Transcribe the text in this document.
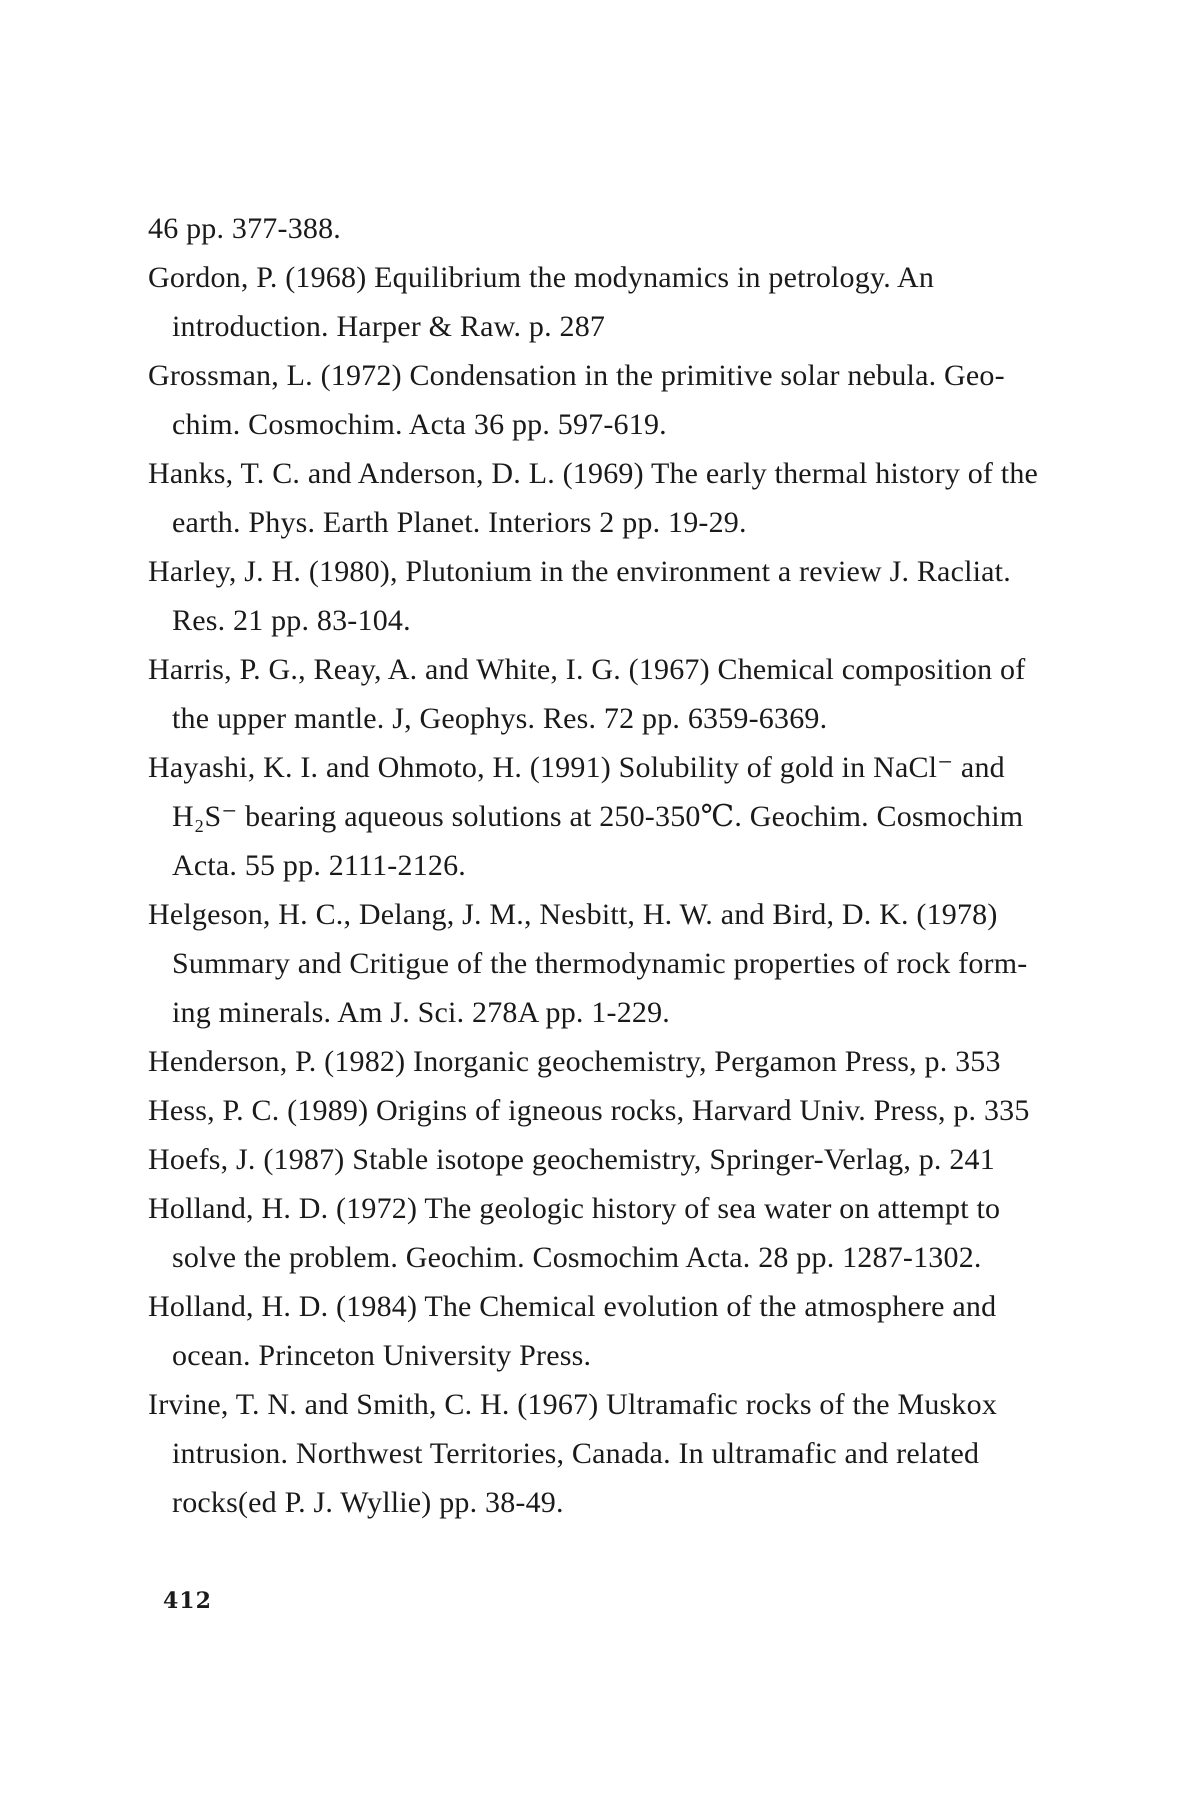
46 pp. 377-388.
Gordon, P. (1968) Equilibrium the modynamics in petrology. An
introduction. Harper & Raw. p. 287
Grossman, L. (1972) Condensation in the primitive solar nebula. Geo-
chim. Cosmochim. Acta 36 pp. 597-619.
Hanks, T. C. and Anderson, D. L. (1969) The early thermal history of the
earth. Phys. Earth Planet. Interiors 2 pp. 19-29.
Harley, J. H. (1980), Plutonium in the environment a review J. Racliat.
Res. 21 pp. 83-104.
Harris, P. G., Reay, A. and White, I. G. (1967) Chemical composition of
the upper mantle. J, Geophys. Res. 72 pp. 6359-6369.
Hayashi, K. I. and Ohmoto, H. (1991) Solubility of gold in NaCl⁻ and
H₂S⁻ bearing aqueous solutions at 250-350℃. Geochim. Cosmochim
Acta. 55 pp. 2111-2126.
Helgeson, H. C., Delang, J. M., Nesbitt, H. W. and Bird, D. K. (1978)
Summary and Critigue of the thermodynamic properties of rock form-
ing minerals. Am J. Sci. 278A pp. 1-229.
Henderson, P. (1982) Inorganic geochemistry, Pergamon Press, p. 353
Hess, P. C. (1989) Origins of igneous rocks, Harvard Univ. Press, p. 335
Hoefs, J. (1987) Stable isotope geochemistry, Springer-Verlag, p. 241
Holland, H. D. (1972) The geologic history of sea water on attempt to
solve the problem. Geochim. Cosmochim Acta. 28 pp. 1287-1302.
Holland, H. D. (1984) The Chemical evolution of the atmosphere and
ocean. Princeton University Press.
Irvine, T. N. and Smith, C. H. (1967) Ultramafic rocks of the Muskox
intrusion. Northwest Territories, Canada. In ultramafic and related
rocks(ed P. J. Wyllie) pp. 38-49.
412
